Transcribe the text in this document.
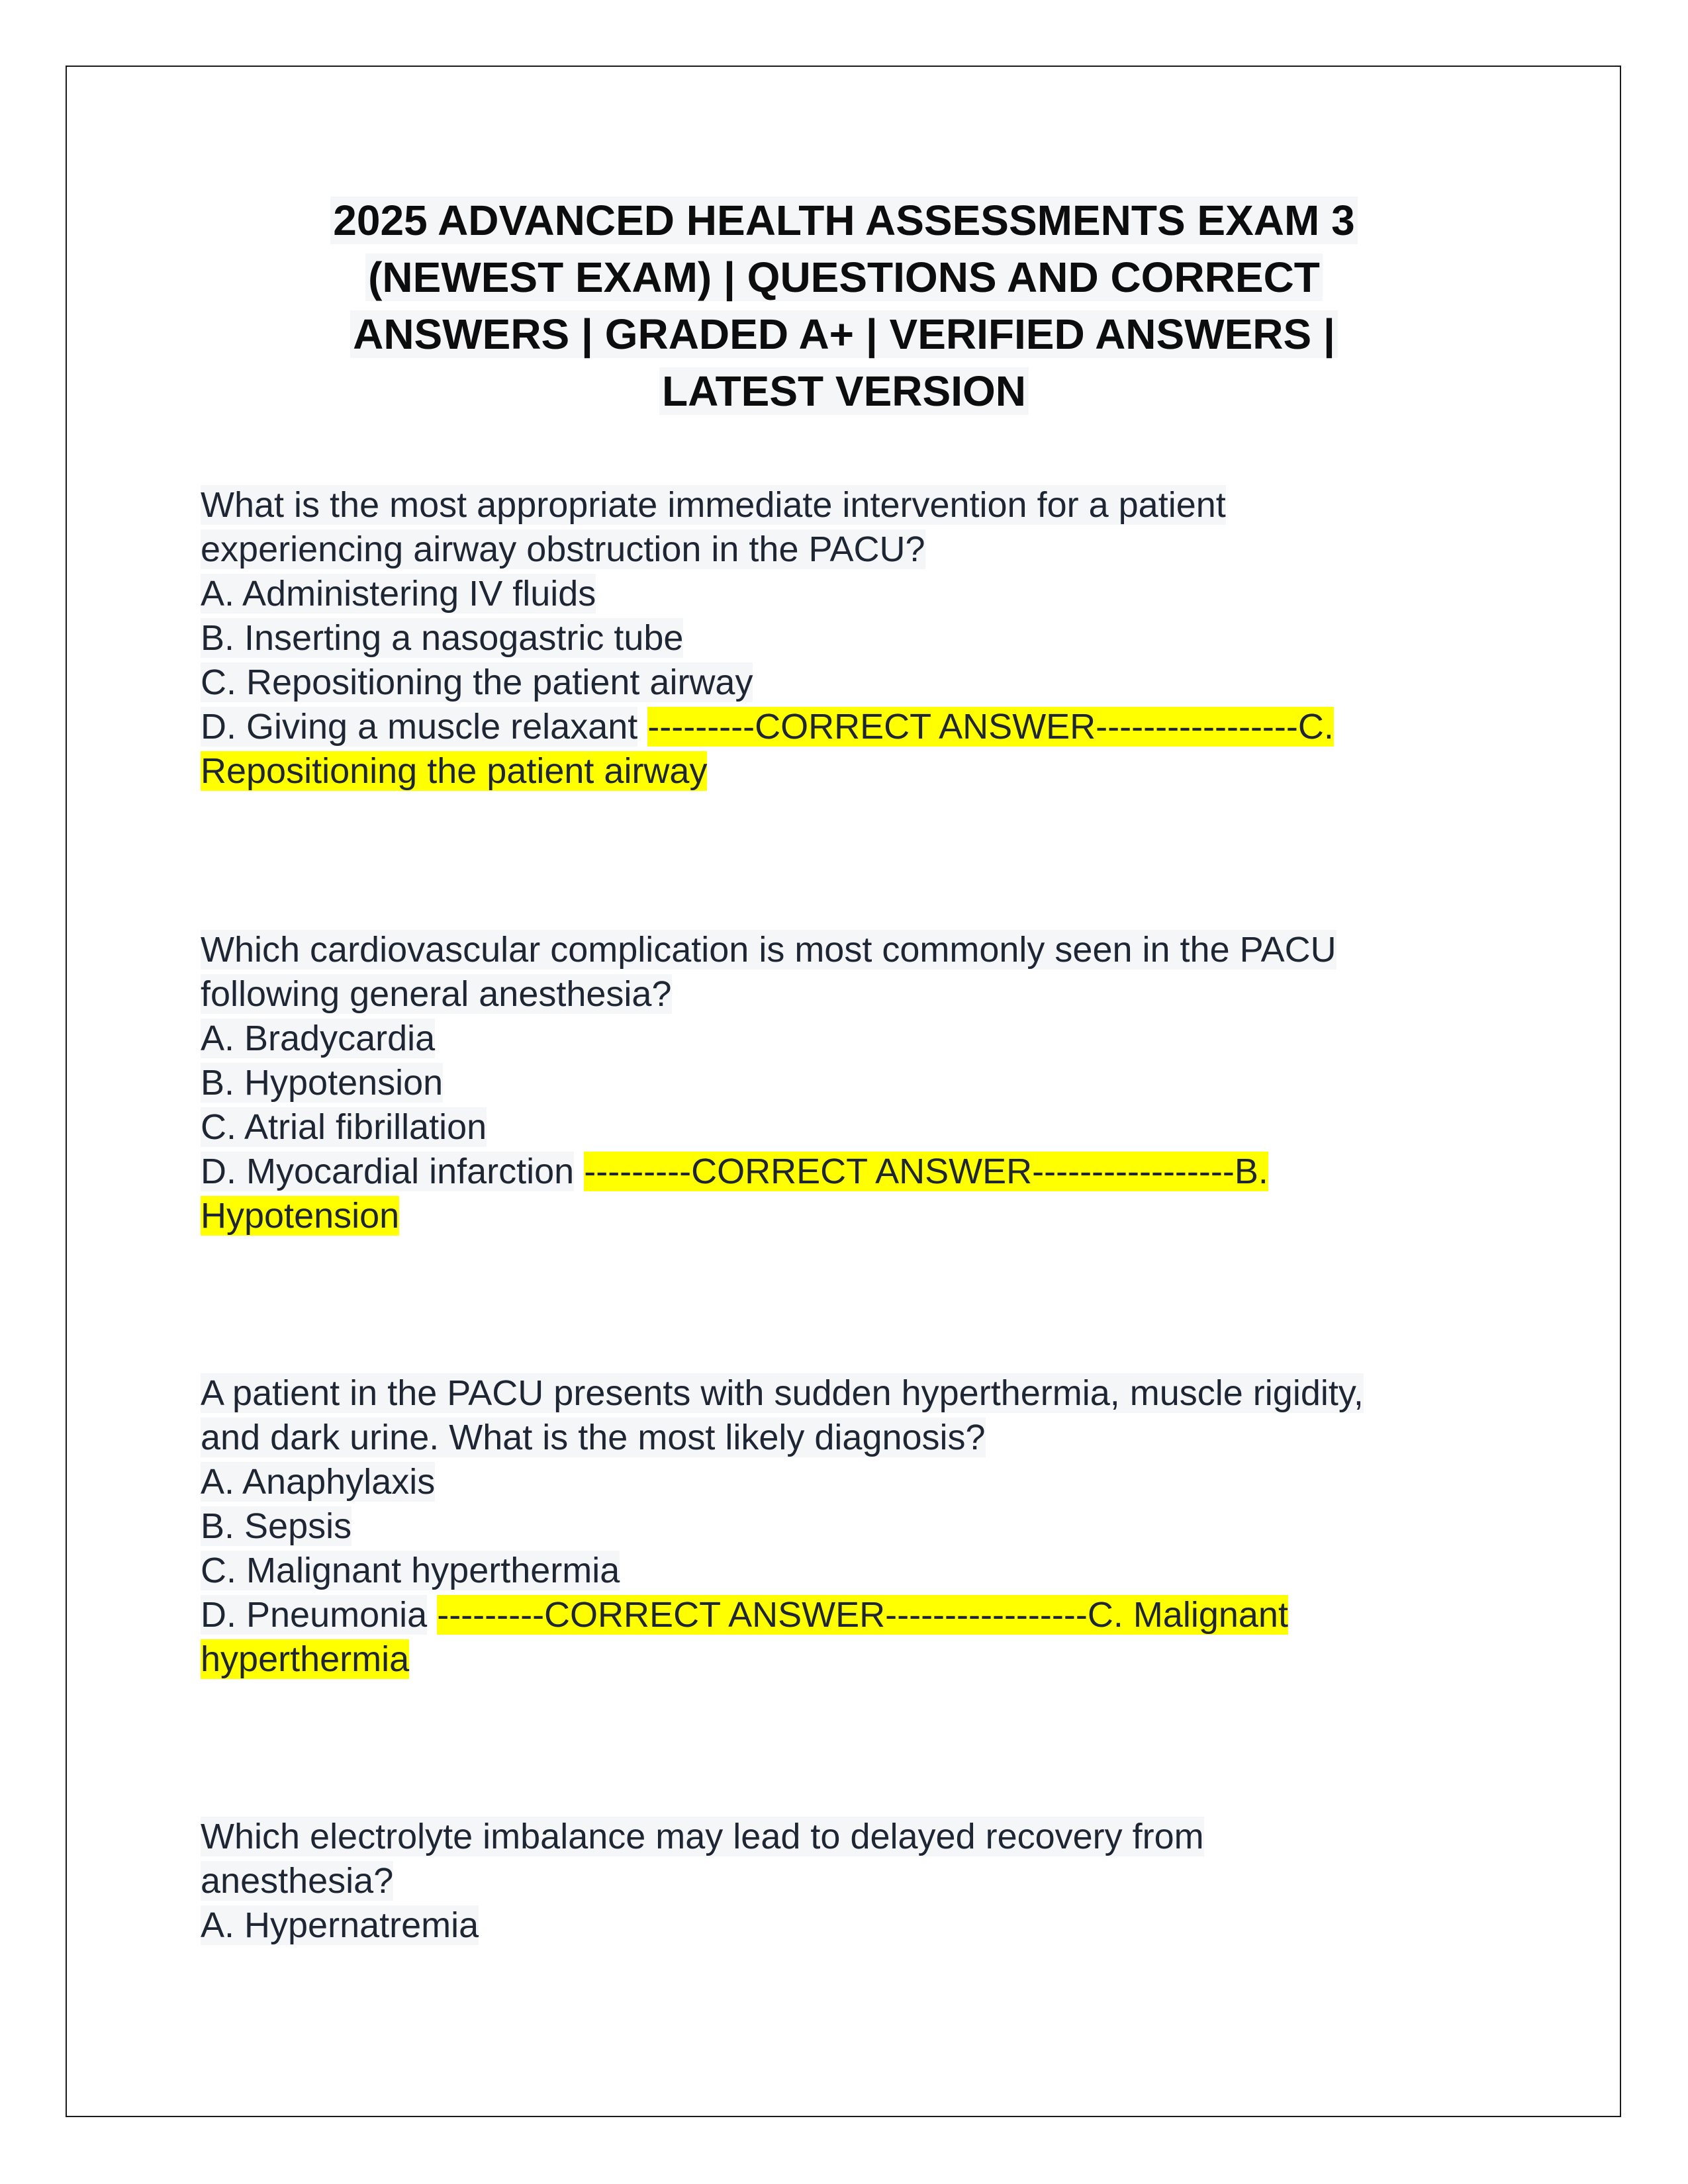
2025 ADVANCED HEALTH ASSESSMENTS EXAM 3
(NEWEST EXAM) | QUESTIONS AND CORRECT
ANSWERS | GRADED A+ | VERIFIED ANSWERS |
LATEST VERSION
What is the most appropriate immediate intervention for a patient
experiencing airway obstruction in the PACU?
A. Administering IV fluids
B. Inserting a nasogastric tube
C. Repositioning the patient airway
D. Giving a muscle relaxant ---------CORRECT ANSWER-----------------C.
Repositioning the patient airway
Which cardiovascular complication is most commonly seen in the PACU
following general anesthesia?
A. Bradycardia
B. Hypotension
C. Atrial fibrillation
D. Myocardial infarction ---------CORRECT ANSWER-----------------B.
Hypotension
A patient in the PACU presents with sudden hyperthermia, muscle rigidity,
and dark urine. What is the most likely diagnosis?
A. Anaphylaxis
B. Sepsis
C. Malignant hyperthermia
D. Pneumonia ---------CORRECT ANSWER-----------------C. Malignant
hyperthermia
Which electrolyte imbalance may lead to delayed recovery from
anesthesia?
A. Hypernatremia
